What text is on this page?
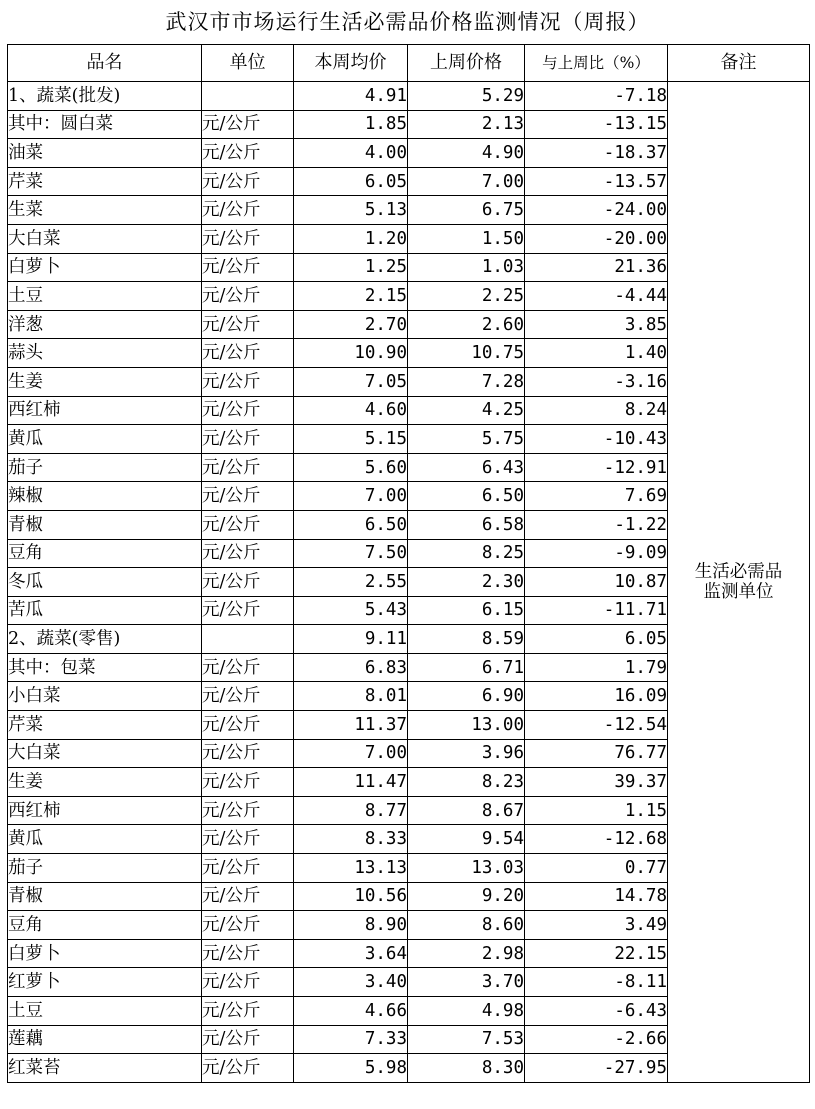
武汉市市场运行生活必需品价格监测情况（周报）
品名	单位	本周均价	上周价格	与上周比（%）	备注
1、蔬菜(批发)		4.91	5.29	-7.18	生活必需品
监测单位

其中：圆白菜	元/公斤	1.85	2.13	-13.15	
油菜	元/公斤	4.00	4.90	-18.37	
芹菜	元/公斤	6.05	7.00	-13.57	
生菜	元/公斤	5.13	6.75	-24.00	
大白菜	元/公斤	1.20	1.50	-20.00	
白萝卜	元/公斤	1.25	1.03	21.36	
土豆	元/公斤	2.15	2.25	-4.44	
洋葱	元/公斤	2.70	2.60	3.85	
蒜头	元/公斤	10.90	10.75	1.40	
生姜	元/公斤	7.05	7.28	-3.16	
西红柿	元/公斤	4.60	4.25	8.24	
黄瓜	元/公斤	5.15	5.75	-10.43	
茄子	元/公斤	5.60	6.43	-12.91	
辣椒	元/公斤	7.00	6.50	7.69	
青椒	元/公斤	6.50	6.58	-1.22	
豆角	元/公斤	7.50	8.25	-9.09	
冬瓜	元/公斤	2.55	2.30	10.87	
苦瓜	元/公斤	5.43	6.15	-11.71	
2、蔬菜(零售)		9.11	8.59	6.05	
其中：包菜	元/公斤	6.83	6.71	1.79	
小白菜	元/公斤	8.01	6.90	16.09	
芹菜	元/公斤	11.37	13.00	-12.54	
大白菜	元/公斤	7.00	3.96	76.77	
生姜	元/公斤	11.47	8.23	39.37	
西红柿	元/公斤	8.77	8.67	1.15	
黄瓜	元/公斤	8.33	9.54	-12.68	
茄子	元/公斤	13.13	13.03	0.77	
青椒	元/公斤	10.56	9.20	14.78	
豆角	元/公斤	8.90	8.60	3.49	
白萝卜	元/公斤	3.64	2.98	22.15	
红萝卜	元/公斤	3.40	3.70	-8.11	
土豆	元/公斤	4.66	4.98	-6.43	
莲藕	元/公斤	7.33	7.53	-2.66	
红菜苔	元/公斤	5.98	8.30	-27.95	
